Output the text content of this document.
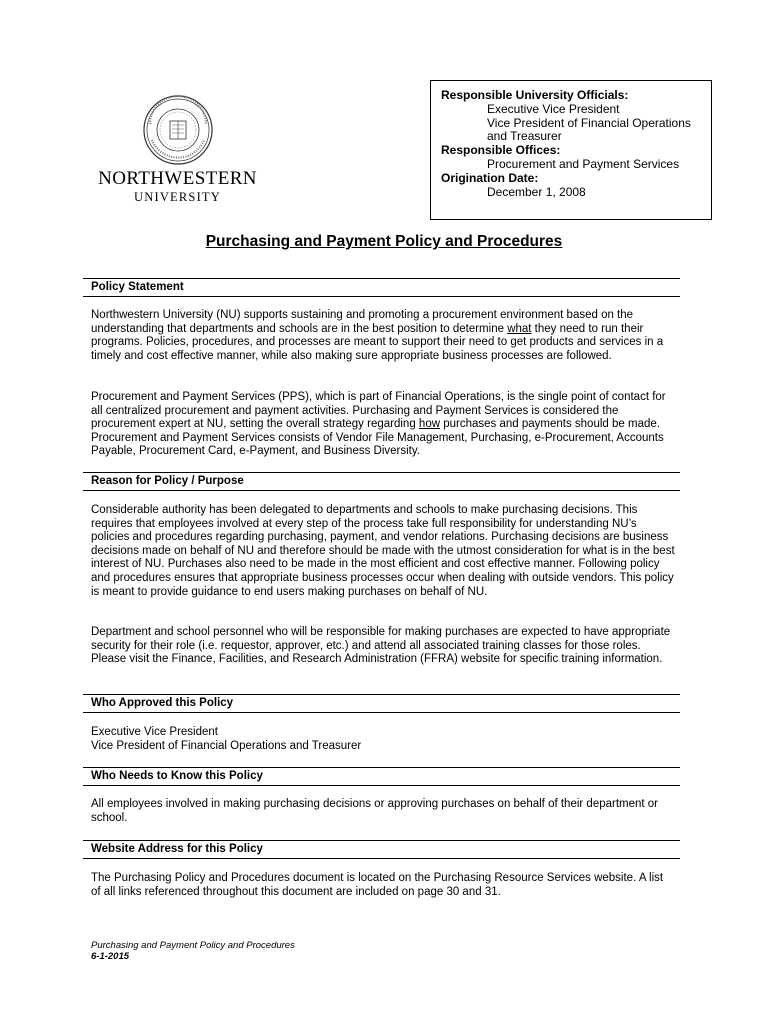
NORTHWESTERN
UNIVERSITY
Responsible University Officials:
Executive Vice President
Vice President of Financial Operations
and Treasurer
Responsible Offices:
Procurement and Payment Services
Origination Date:
December 1, 2008
Purchasing and Payment Policy and Procedures
Policy Statement
Northwestern University (NU) supports sustaining and promoting a procurement environment based on the understanding that departments and schools are in the best position to determine what they need to run their programs. Policies, procedures, and processes are meant to support their need to get products and services in a timely and cost effective manner, while also making sure appropriate business processes are followed.
Procurement and Payment Services (PPS), which is part of Financial Operations, is the single point of contact for all centralized procurement and payment activities. Purchasing and Payment Services is considered the procurement expert at NU, setting the overall strategy regarding how purchases and payments should be made. Procurement and Payment Services consists of Vendor File Management, Purchasing, e-Procurement, Accounts Payable, Procurement Card, e-Payment, and Business Diversity.
Reason for Policy / Purpose
Considerable authority has been delegated to departments and schools to make purchasing decisions. This requires that employees involved at every step of the process take full responsibility for understanding NU’s policies and procedures regarding purchasing, payment, and vendor relations. Purchasing decisions are business decisions made on behalf of NU and therefore should be made with the utmost consideration for what is in the best interest of NU. Purchases also need to be made in the most efficient and cost effective manner. Following policy and procedures ensures that appropriate business processes occur when dealing with outside vendors. This policy is meant to provide guidance to end users making purchases on behalf of NU.
Department and school personnel who will be responsible for making purchases are expected to have appropriate security for their role (i.e. requestor, approver, etc.) and attend all associated training classes for those roles. Please visit the Finance, Facilities, and Research Administration (FFRA) website for specific training information.
Who Approved this Policy
Executive Vice President
Vice President of Financial Operations and Treasurer
Who Needs to Know this Policy
All employees involved in making purchasing decisions or approving purchases on behalf of their department or school.
Website Address for this Policy
The Purchasing Policy and Procedures document is located on the Purchasing Resource Services website. A list of all links referenced throughout this document are included on page 30 and 31.
Purchasing and Payment Policy and Procedures
6-1-2015
